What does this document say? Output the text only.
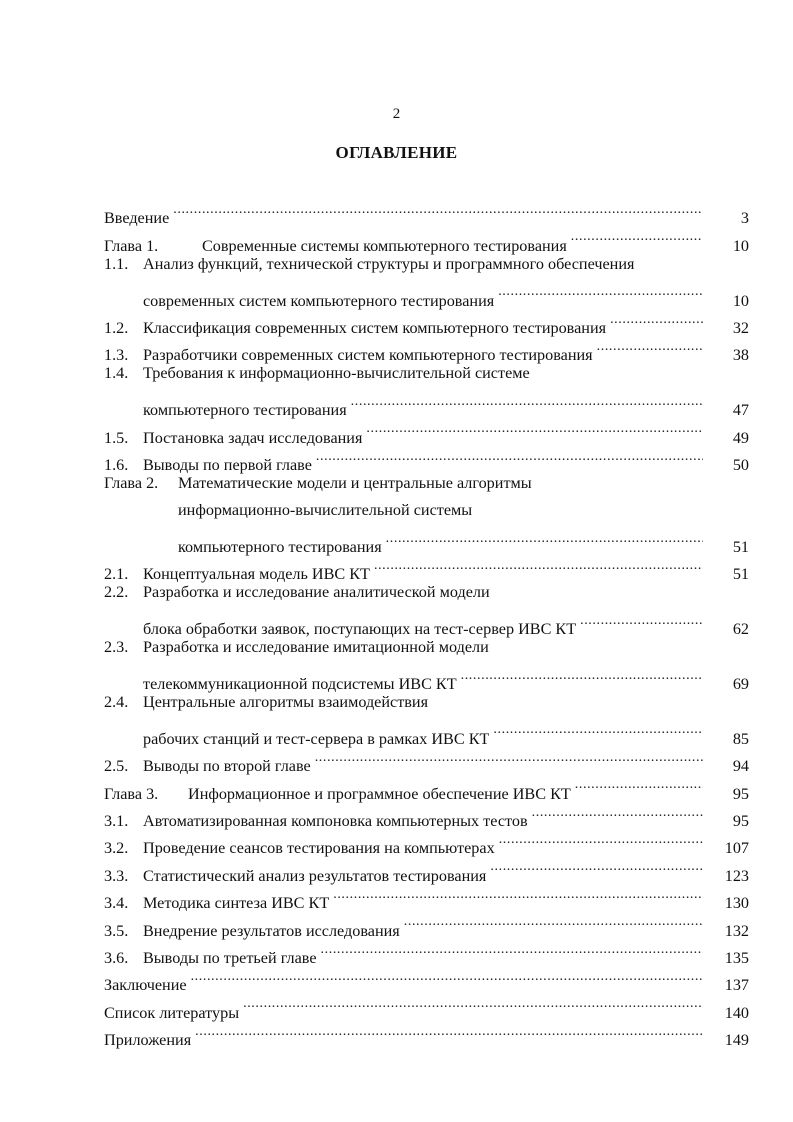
2
ОГЛАВЛЕНИЕ
Введение .....	3
Глава 1.	Современные системы компьютерного тестирования .....	10
1.1. Анализ функций, технической структуры и программного обеспечения
современных систем компьютерного тестирования .....	10
1.2. Классификация современных систем компьютерного тестирования .....	32
1.3. Разработчики современных систем компьютерного тестирования .....	38
1.4. Требования к информационно-вычислительной системе
компьютерного тестирования .....	47
1.5. Постановка задач исследования .....	49
1.6. Выводы по первой главе .....	50
Глава 2.	Математические модели и центральные алгоритмы
информационно-вычислительной системы
компьютерного тестирования .....	51
2.1. Концептуальная модель ИВС КТ .....	51
2.2. Разработка и исследование аналитической модели
блока обработки заявок, поступающих на тест-сервер ИВС КТ .....	62
2.3. Разработка и исследование имитационной модели
телекоммуникационной подсистемы ИВС КТ .....	69
2.4. Центральные алгоритмы взаимодействия
рабочих станций и тест-сервера в рамках ИВС КТ .....	85
2.5. Выводы по второй главе .....	94
Глава 3.	Информационное и программное обеспечение ИВС КТ .....	95
3.1. Автоматизированная компоновка компьютерных тестов .....	95
3.2. Проведение сеансов тестирования на компьютерах .....	107
3.3. Статистический анализ результатов тестирования .....	123
3.4. Методика синтеза ИВС КТ .....	130
3.5. Внедрение результатов исследования .....	132
3.6. Выводы по третьей главе .....	135
Заключение .....	137
Список литературы .....	140
Приложения .....	149
